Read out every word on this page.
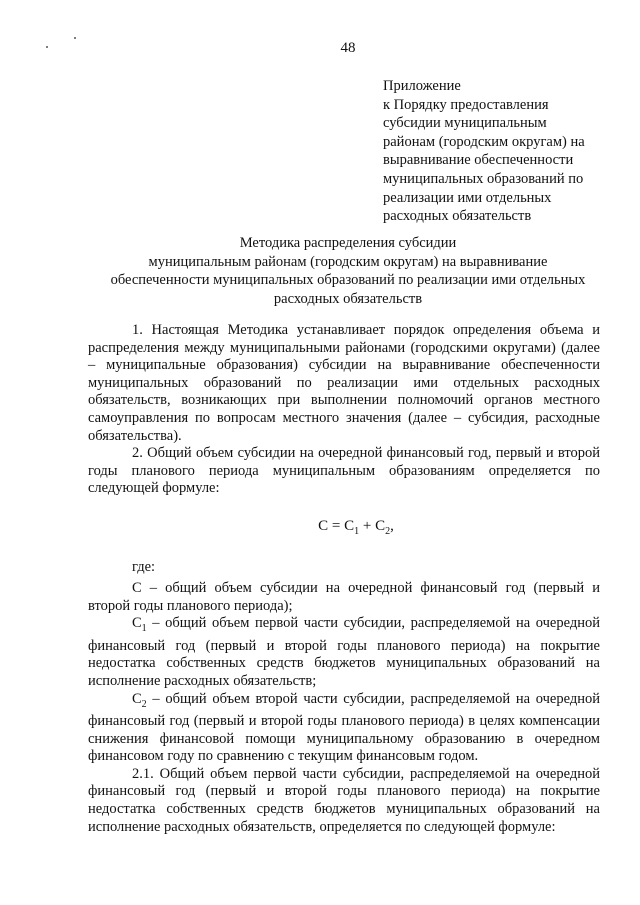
48
Приложение
к Порядку предоставления
субсидии муниципальным
районам (городским округам) на
выравнивание обеспеченности
муниципальных образований по
реализации ими отдельных
расходных обязательств
Методика распределения субсидии
муниципальным районам (городским округам) на выравнивание
обеспеченности муниципальных образований по реализации ими отдельных
расходных обязательств

1. Настоящая Методика устанавливает порядок определения объема и распределения между муниципальными районами (городскими округами) (далее – муниципальные образования) субсидии на выравнивание обеспеченности муниципальных образований по реализации ими отдельных расходных обязательств, возникающих при выполнении полномочий органов местного самоуправления по вопросам местного значения (далее – субсидия, расходные обязательства).

2. Общий объем субсидии на очередной финансовый год, первый и второй годы планового периода муниципальным образованиям определяется по следующей формуле:

$С = С_1 + С_2$,

где:

С – общий объем субсидии на очередной финансовый год (первый и второй годы планового периода);

$С_1$ – общий объем первой части субсидии, распределяемой на очередной финансовый год (первый и второй годы планового периода) на покрытие недостатка собственных средств бюджетов муниципальных образований на исполнение расходных обязательств;

$С_2$ – общий объем второй части субсидии, распределяемой на очередной финансовый год (первый и второй годы планового периода) в целях компенсации снижения финансовой помощи муниципальному образованию в очередном финансовом году по сравнению с текущим финансовым годом.

2.1. Общий объем первой части субсидии, распределяемой на очередной финансовый год (первый и второй годы планового периода) на покрытие недостатка собственных средств бюджетов муниципальных образований на исполнение расходных обязательств, определяется по следующей формуле:
